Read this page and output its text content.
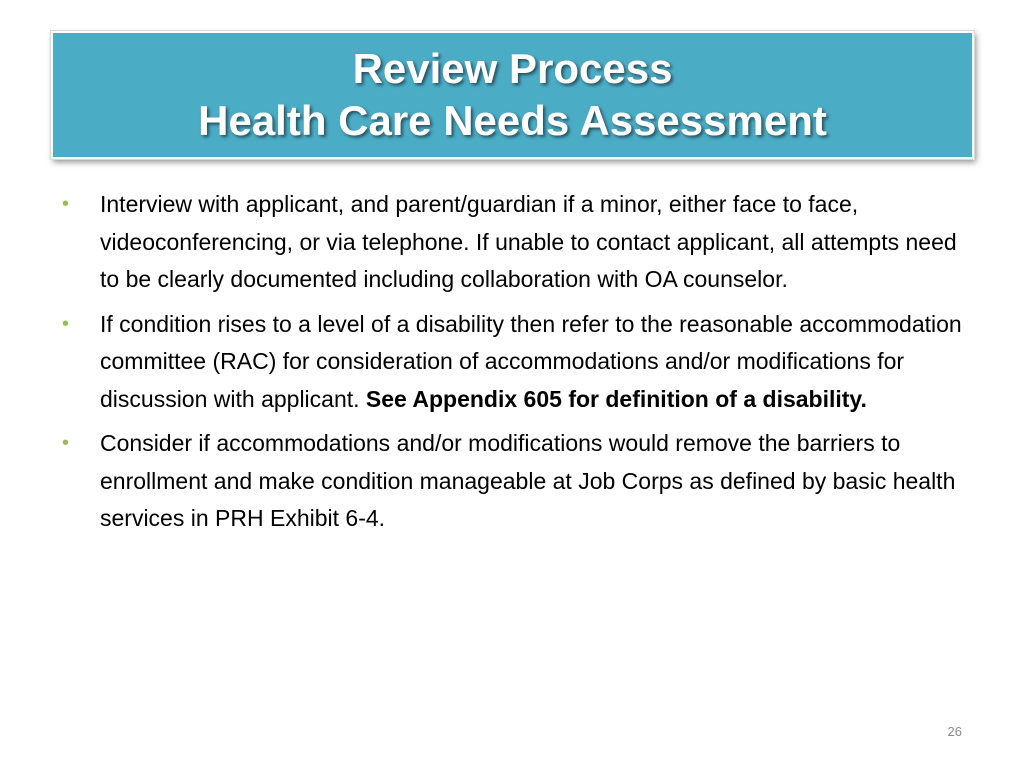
Review Process
Health Care Needs Assessment
• Interview with applicant, and parent/guardian if a minor, either face to face, videoconferencing, or via telephone. If unable to contact applicant, all attempts need to be clearly documented including collaboration with OA counselor.
• If condition rises to a level of a disability then refer to the reasonable accommodation committee (RAC) for consideration of accommodations and/or modifications for discussion with applicant. See Appendix 605 for definition of a disability.
• Consider if accommodations and/or modifications would remove the barriers to enrollment and make condition manageable at Job Corps as defined by basic health services in PRH Exhibit 6-4.
26
